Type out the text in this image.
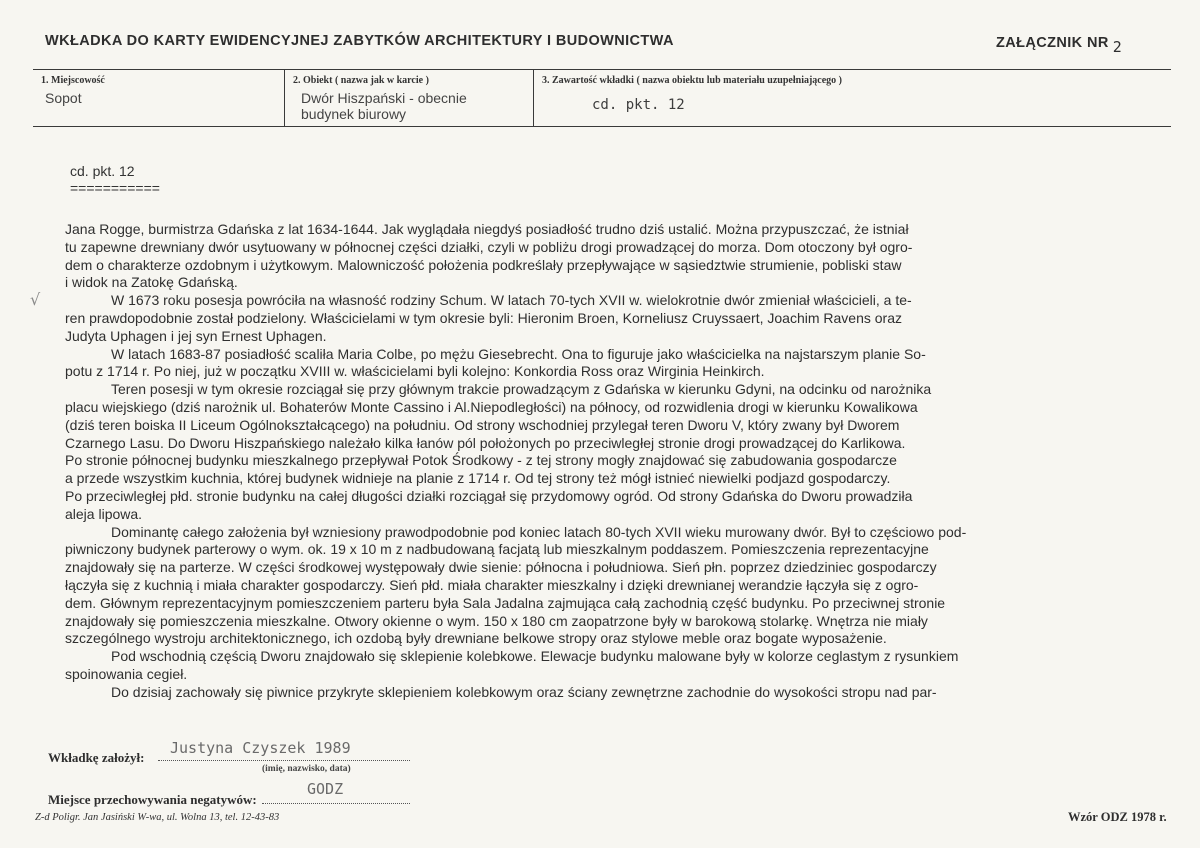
WKŁADKA DO KARTY EWIDENCYJNEJ ZABYTKÓW ARCHITEKTURY I BUDOWNICTWA	ZAŁĄCZNIK NR 2
1. Miejscowość
Sopot
2. Obiekt ( nazwa jak w karcie )
Dwór Hiszpański - obecnie
budynek biurowy
3. Zawartość wkładki ( nazwa obiektu lub materiału uzupełniającego )
cd. pkt. 12
cd. pkt. 12
===========
√
Jana Rogge, burmistrza Gdańska z lat 1634-1644. Jak wyglądała niegdyś posiadłość trudno dziś ustalić. Można przypuszczać, że istniał
tu zapewne drewniany dwór usytuowany w północnej części działki, czyli w pobliżu drogi prowadzącej do morza. Dom otoczony był ogro-
dem o charakterze ozdobnym i użytkowym. Malowniczość położenia podkreślały przepływające w sąsiedztwie strumienie, pobliski staw
i widok na Zatokę Gdańską.
W 1673 roku posesja powróciła na własność rodziny Schum. W latach 70-tych XVII w. wielokrotnie dwór zmieniał właścicieli, a te-
ren prawdopodobnie został podzielony. Właścicielami w tym okresie byli: Hieronim Broen, Korneliusz Cruyssaert, Joachim Ravens oraz
Judyta Uphagen i jej syn Ernest Uphagen.
W latach 1683-87 posiadłość scaliła Maria Colbe, po mężu Giesebrecht. Ona to figuruje jako właścicielka na najstarszym planie So-
potu z 1714 r. Po niej, już w początku XVIII w. właścicielami byli kolejno: Konkordia Ross oraz Wirginia Heinkirch.
Teren posesji w tym okresie rozciągał się przy głównym trakcie prowadzącym z Gdańska w kierunku Gdyni, na odcinku od narożnika
placu wiejskiego (dziś narożnik ul. Bohaterów Monte Cassino i Al.Niepodległości) na północy, od rozwidlenia drogi w kierunku Kowalikowa
(dziś teren boiska II Liceum Ogólnokształcącego) na południu. Od strony wschodniej przylegał teren Dworu V, który zwany był Dworem
Czarnego Lasu. Do Dworu Hiszpańskiego należało kilka łanów pól położonych po przeciwległej stronie drogi prowadzącej do Karlikowa.
Po stronie północnej budynku mieszkalnego przepływał Potok Środkowy - z tej strony mogły znajdować się zabudowania gospodarcze
a przede wszystkim kuchnia, której budynek widnieje na planie z 1714 r. Od tej strony też mógł istnieć niewielki podjazd gospodarczy.
Po przeciwległej płd. stronie budynku na całej długości działki rozciągał się przydomowy ogród. Od strony Gdańska do Dworu prowadziła
aleja lipowa.
Dominantę całego założenia był wzniesiony prawodpodobnie pod koniec latach 80-tych XVII wieku murowany dwór. Był to częściowo pod-
piwniczony budynek parterowy o wym. ok. 19 x 10 m z nadbudowaną facjatą lub mieszkalnym poddaszem. Pomieszczenia reprezentacyjne
znajdowały się na parterze. W części środkowej występowały dwie sienie: północna i południowa. Sień płn. poprzez dziedziniec gospodarczy
łączyła się z kuchnią i miała charakter gospodarczy. Sień płd. miała charakter mieszkalny i dzięki drewnianej werandzie łączyła się z ogro-
dem. Głównym reprezentacyjnym pomieszczeniem parteru była Sala Jadalna zajmująca całą zachodnią część budynku. Po przeciwnej stronie
znajdowały się pomieszczenia mieszkalne. Otwory okienne o wym. 150 x 180 cm zaopatrzone były w barokową stolarkę. Wnętrza nie miały
szczególnego wystroju architektonicznego, ich ozdobą były drewniane belkowe stropy oraz stylowe meble oraz bogate wyposażenie.
Pod wschodnią częścią Dworu znajdowało się sklepienie kolebkowe. Elewacje budynku malowane były w kolorze ceglastym z rysunkiem
spoinowania cegieł.
Do dzisiaj zachowały się piwnice przykryte sklepieniem kolebkowym oraz ściany zewnętrzne zachodnie do wysokości stropu nad par-
Wkładkę założył:
Justyna Czyszek 1989
(imię, nazwisko, data)
Miejsce przechowywania negatywów:
GODZ
Z-d Poligr. Jan Jasiński W-wa, ul. Wolna 13, tel. 12-43-83	Wzór ODZ 1978 r.
